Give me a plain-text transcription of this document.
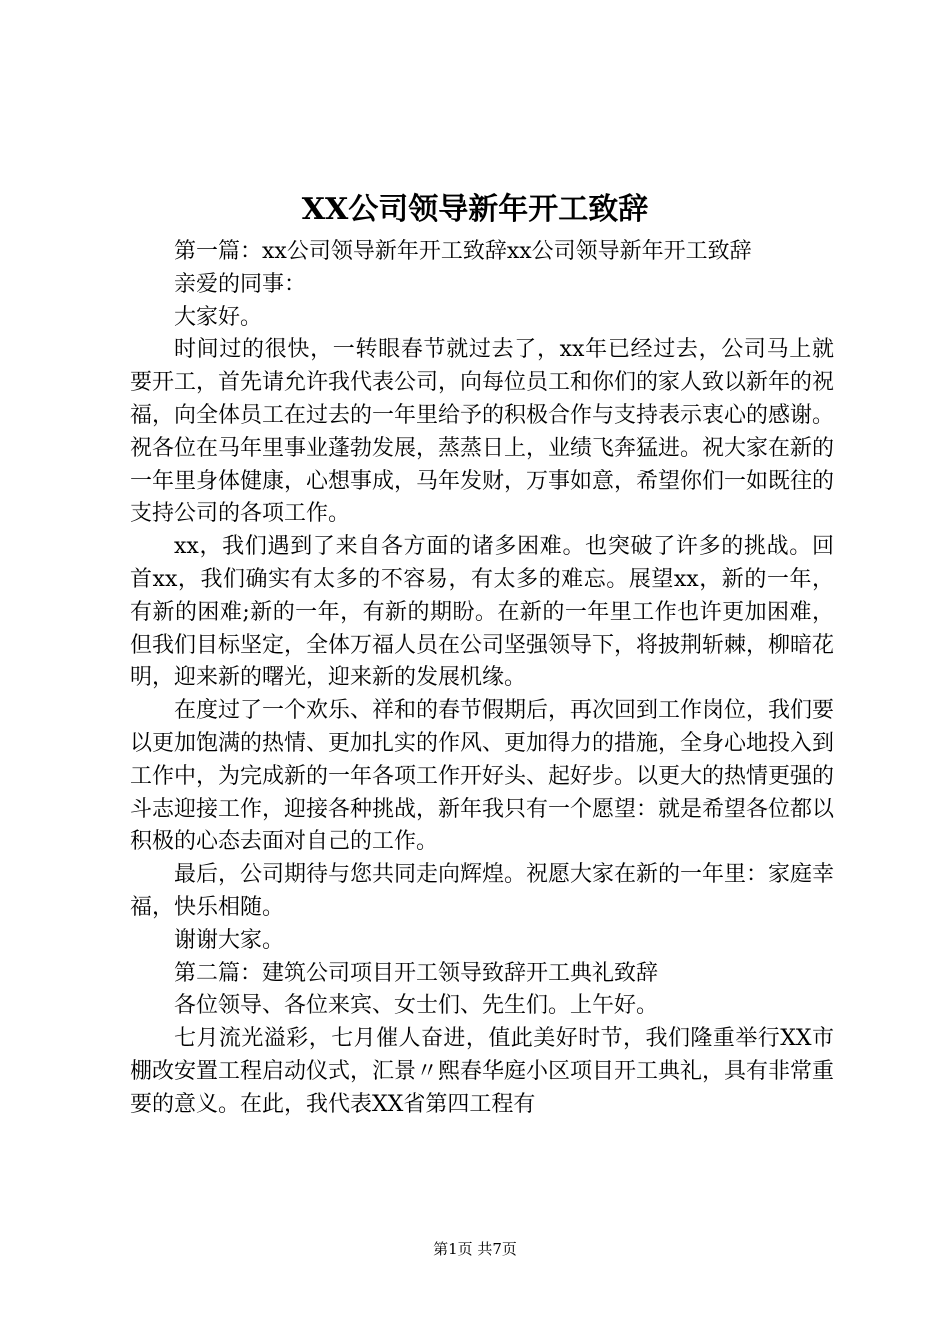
XX公司领导新年开工致辞

第一篇：xx公司领导新年开工致辞xx公司领导新年开工致辞

亲爱的同事：

大家好。

时间过的很快，一转眼春节就过去了，xx年已经过去，公司马上就要开工，首先请允许我代表公司，向每位员工和你们的家人致以新年的祝福，向全体员工在过去的一年里给予的积极合作与支持表示衷心的感谢。祝各位在马年里事业蓬勃发展，蒸蒸日上，业绩飞奔猛进。祝大家在新的一年里身体健康，心想事成，马年发财，万事如意，希望你们一如既往的支持公司的各项工作。

xx，我们遇到了来自各方面的诸多困难。也突破了许多的挑战。回首xx，我们确实有太多的不容易，有太多的难忘。展望xx，新的一年，有新的困难;新的一年，有新的期盼。在新的一年里工作也许更加困难，但我们目标坚定，全体万福人员在公司坚强领导下，将披荆斩棘，柳暗花明，迎来新的曙光，迎来新的发展机缘。

在度过了一个欢乐、祥和的春节假期后，再次回到工作岗位，我们要以更加饱满的热情、更加扎实的作风、更加得力的措施，全身心地投入到工作中，为完成新的一年各项工作开好头、起好步。以更大的热情更强的斗志迎接工作，迎接各种挑战，新年我只有一个愿望：就是希望各位都以积极的心态去面对自己的工作。

最后，公司期待与您共同走向辉煌。祝愿大家在新的一年里：家庭幸福，快乐相随。

谢谢大家。

第二篇：建筑公司项目开工领导致辞开工典礼致辞

各位领导、各位来宾、女士们、先生们。上午好。

七月流光溢彩，七月催人奋进，值此美好时节，我们隆重举行XX市棚改安置工程启动仪式，汇景〃熙春华庭小区项目开工典礼，具有非常重要的意义。在此，我代表XX省第四工程有

第1页 共7页
